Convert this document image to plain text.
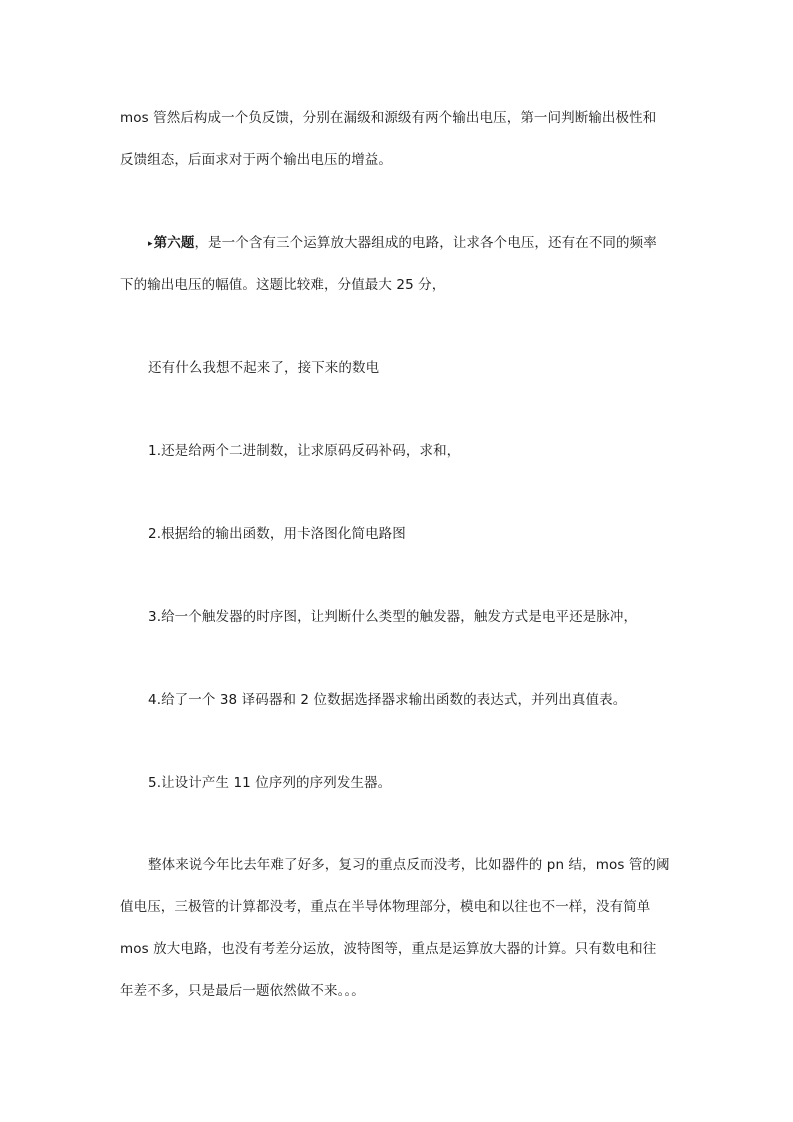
mos 管然后构成一个负反馈，分别在漏级和源级有两个输出电压，第一问判断输出极性和
反馈组态，后面求对于两个输出电压的增益。
▸第六题，是一个含有三个运算放大器组成的电路，让求各个电压，还有在不同的频率
下的输出电压的幅值。这题比较难，分值最大 25 分，
还有什么我想不起来了，接下来的数电
1.还是给两个二进制数，让求原码反码补码，求和，
2.根据给的输出函数，用卡洛图化简电路图
3.给一个触发器的时序图，让判断什么类型的触发器，触发方式是电平还是脉冲，
4.给了一个 38 译码器和 2 位数据选择器求输出函数的表达式，并列出真值表。
5.让设计产生 11 位序列的序列发生器。
整体来说今年比去年难了好多，复习的重点反而没考，比如器件的 pn 结，mos 管的阈
值电压，三极管的计算都没考，重点在半导体物理部分，模电和以往也不一样，没有简单
mos 放大电路，也没有考差分运放，波特图等，重点是运算放大器的计算。只有数电和往
年差不多，只是最后一题依然做不来。。。
